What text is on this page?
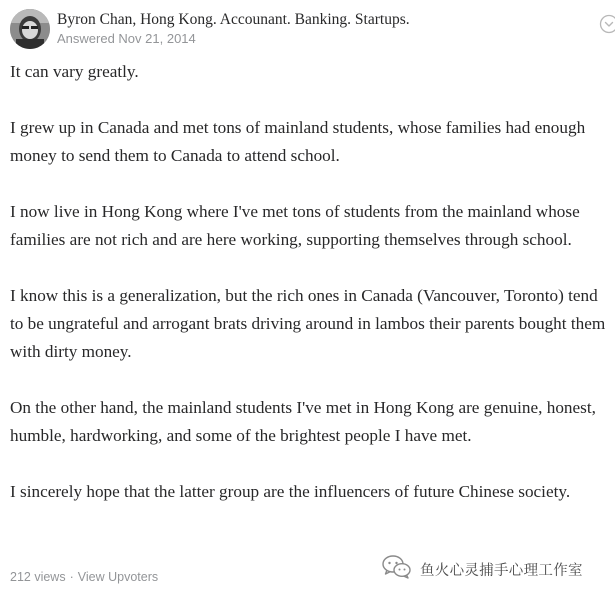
Byron Chan, Hong Kong. Accounant. Banking. Startups.
Answered Nov 21, 2014

It can vary greatly.

I grew up in Canada and met tons of mainland students, whose families had enough money to send them to Canada to attend school.

I now live in Hong Kong where I've met tons of students from the mainland whose families are not rich and are here working, supporting themselves through school.

I know this is a generalization, but the rich ones in Canada (Vancouver, Toronto) tend to be ungrateful and arrogant brats driving around in lambos their parents bought them with dirty money.

On the other hand, the mainland students I've met in Hong Kong are genuine, honest, humble, hardworking, and some of the brightest people I have met.

I sincerely hope that the latter group are the influencers of future Chinese society.

212 views · View Upvoters	鱼火心灵捕手心理工作室
